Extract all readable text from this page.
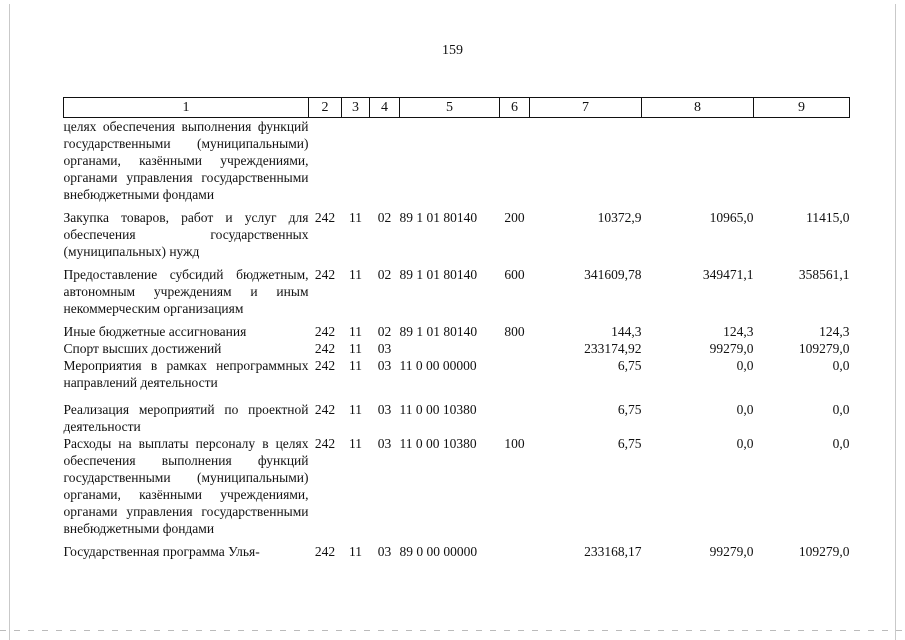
159
1	2	3	4	5	6	7	8	9
целях обеспечения выполнения функций государственными (муниципальными) органами, казёнными учреждениями, органами управления государственными внебюджетными фондами								
Закупка товаров, работ и услуг для обеспечения государственных (муниципальных) нужд	242	11	02	89 1 01 80140	200	10372,9	10965,0	11415,0
Предоставление субсидий бюджетным, автономным учреждениям и иным некоммерческим организациям	242	11	02	89 1 01 80140	600	341609,78	349471,1	358561,1
Иные бюджетные ассигнования	242	11	02	89 1 01 80140	800	144,3	124,3	124,3
Спорт высших достижений	242	11	03			233174,92	99279,0	109279,0
Мероприятия в рамках непрограммных направлений деятельности	242	11	03	11 0 00 00000		6,75	0,0	0,0
Реализация мероприятий по проектной деятельности	242	11	03	11 0 00 10380		6,75	0,0	0,0
Расходы на выплаты персоналу в целях обеспечения выполнения функций государственными (муниципальными) органами, казёнными учреждениями, органами управления государственными внебюджетными фондами	242	11	03	11 0 00 10380	100	6,75	0,0	0,0
Государственная программа Улья-	242	11	03	89 0 00 00000		233168,17	99279,0	109279,0
